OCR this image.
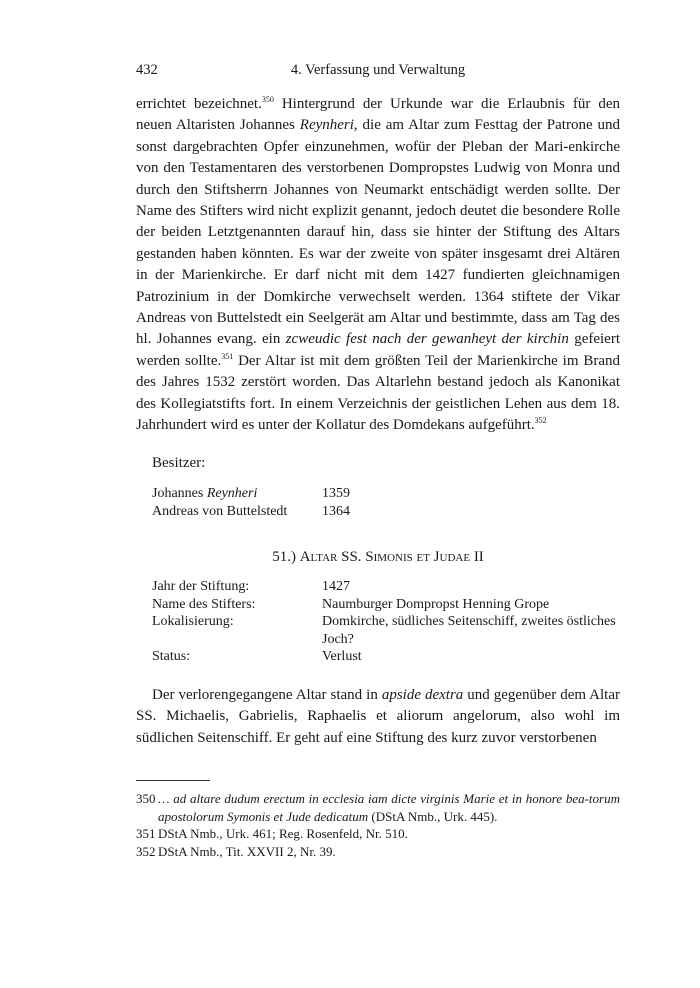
432	4. Verfassung und Verwaltung

errichtet bezeichnet.$^{350}$ Hintergrund der Urkunde war die Erlaubnis für den neuen Altaristen Johannes Reynheri, die am Altar zum Festtag der Patrone und sonst dargebrachten Opfer einzunehmen, wofür der Pleban der Mari-enkirche von den Testamentaren des verstorbenen Dompropstes Ludwig von Monra und durch den Stiftsherrn Johannes von Neumarkt entschädigt werden sollte. Der Name des Stifters wird nicht explizit genannt, jedoch deutet die besondere Rolle der beiden Letztgenannten darauf hin, dass sie hinter der Stiftung des Altars gestanden haben könnten. Es war der zweite von später insgesamt drei Altären in der Marienkirche. Er darf nicht mit dem 1427 fundierten gleichnamigen Patrozinium in der Domkirche verwechselt werden. 1364 stiftete der Vikar Andreas von Buttelstedt ein Seelgerät am Altar und bestimmte, dass am Tag des hl. Johannes evang. ein zcweudic fest nach der gewanheyt der kirchin gefeiert werden sollte.$^{351}$ Der Altar ist mit dem größten Teil der Marienkirche im Brand des Jahres 1532 zerstört worden. Das Altarlehn bestand jedoch als Kanonikat des Kollegiatstifts fort. In einem Verzeichnis der geistlichen Lehen aus dem 18. Jahrhundert wird es unter der Kollatur des Domdekans aufgeführt.$^{352}$

Besitzer:
Johannes Reynheri	1359
Andreas von Buttelstedt	1364
51.) Altar SS. Simonis et Judae II
Jahr der Stiftung:	1427
Name des Stifters:	Naumburger Dompropst Henning Grope
Lokalisierung:	Domkirche, südliches Seitenschiff, zweites östliches Joch?
Status:	Verlust

Der verlorengegangene Altar stand in apside dextra und gegenüber dem Altar SS. Michaelis, Gabrielis, Raphaelis et aliorum angelorum, also wohl im südlichen Seitenschiff. Er geht auf eine Stiftung des kurz zuvor verstorbenen

350 … ad altare dudum erectum in ecclesia iam dicte virginis Marie et in honore bea-torum apostolorum Symonis et Jude dedicatum (DStA Nmb., Urk. 445).
351 DStA Nmb., Urk. 461; Reg. Rosenfeld, Nr. 510.
352 DStA Nmb., Tit. XXVII 2, Nr. 39.
